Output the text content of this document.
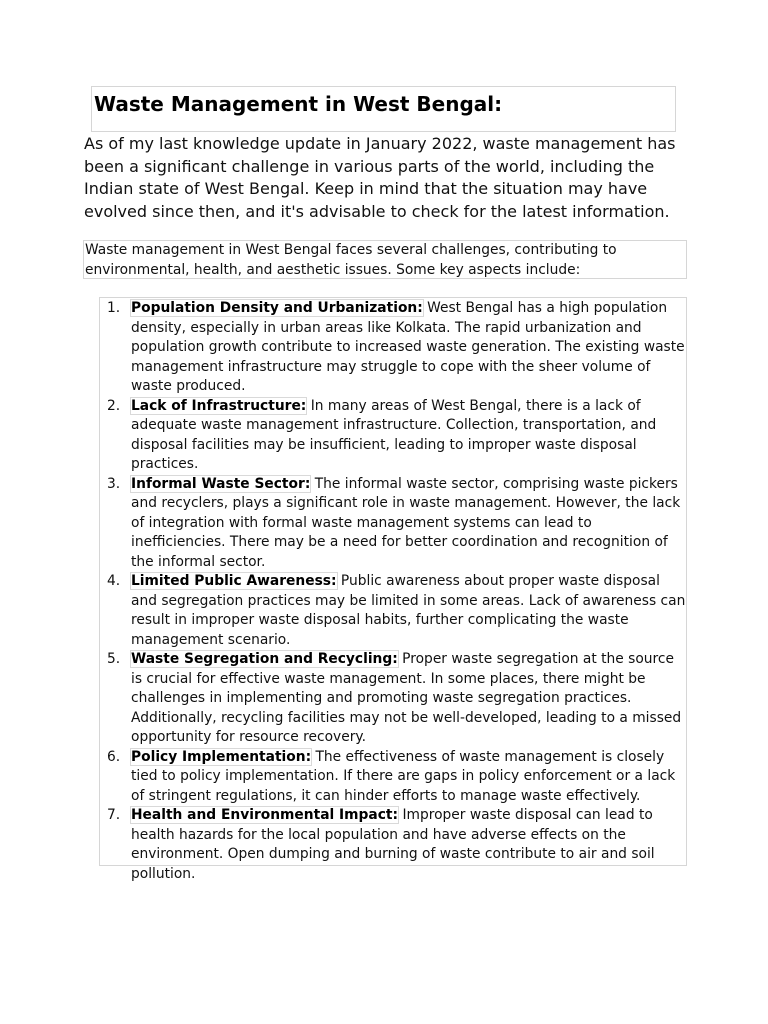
Waste Management in West Bengal:

As of my last knowledge update in January 2022, waste management has been a significant challenge in various parts of the world, including the Indian state of West Bengal. Keep in mind that the situation may have evolved since then, and it's advisable to check for the latest information.

Waste management in West Bengal faces several challenges, contributing to environmental, health, and aesthetic issues. Some key aspects include:

1. Population Density and Urbanization: West Bengal has a high population density, especially in urban areas like Kolkata. The rapid urbanization and population growth contribute to increased waste generation. The existing waste management infrastructure may struggle to cope with the sheer volume of waste produced.
2. Lack of Infrastructure: In many areas of West Bengal, there is a lack of adequate waste management infrastructure. Collection, transportation, and disposal facilities may be insufficient, leading to improper waste disposal practices.
3. Informal Waste Sector: The informal waste sector, comprising waste pickers and recyclers, plays a significant role in waste management. However, the lack of integration with formal waste management systems can lead to inefficiencies. There may be a need for better coordination and recognition of the informal sector.
4. Limited Public Awareness: Public awareness about proper waste disposal and segregation practices may be limited in some areas. Lack of awareness can result in improper waste disposal habits, further complicating the waste management scenario.
5. Waste Segregation and Recycling: Proper waste segregation at the source is crucial for effective waste management. In some places, there might be challenges in implementing and promoting waste segregation practices. Additionally, recycling facilities may not be well-developed, leading to a missed opportunity for resource recovery.
6. Policy Implementation: The effectiveness of waste management is closely tied to policy implementation. If there are gaps in policy enforcement or a lack of stringent regulations, it can hinder efforts to manage waste effectively.
7. Health and Environmental Impact: Improper waste disposal can lead to health hazards for the local population and have adverse effects on the environment. Open dumping and burning of waste contribute to air and soil pollution.
